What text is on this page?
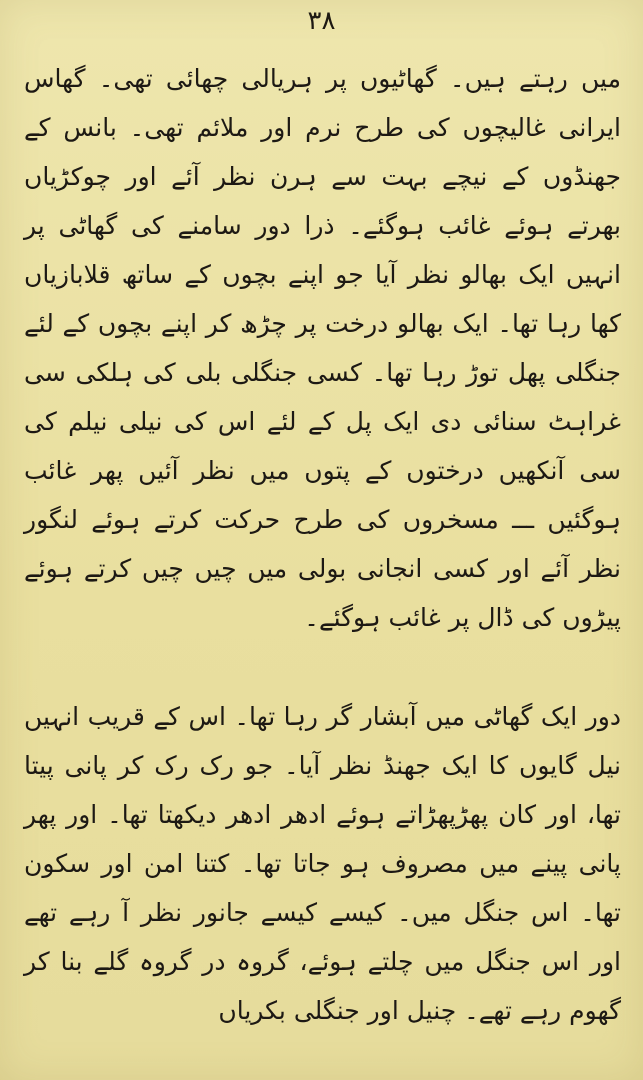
۳۸

میں رہتے ہیں۔ گھاٹیوں پر ہریالی چھائی تھی۔ گھاس ایرانی غالیچوں کی طرح نرم اور ملائم تھی۔ بانس کے جھنڈوں کے نیچے بہت سے ہرن نظر آئے اور چوکڑیاں بھرتے ہوئے غائب ہوگئے۔ ذرا دور سامنے کی گھاٹی پر انہیں ایک بھالو نظر آیا جو اپنے بچوں کے ساتھ قلابازیاں کھا رہا تھا۔ ایک بھالو درخت پر چڑھ کر اپنے بچوں کے لئے جنگلی پھل توڑ رہا تھا۔ کسی جنگلی بلی کی ہلکی سی غراہٹ سنائی دی ایک پل کے لئے اس کی نیلی نیلم کی سی آنکھیں درختوں کے پتوں میں نظر آئیں پھر غائب ہوگئیں ـــ مسخروں کی طرح حرکت کرتے ہوئے لنگور نظر آئے اور کسی انجانی بولی میں چیں چیں کرتے ہوئے پیڑوں کی ڈال پر غائب ہوگئے۔

دور ایک گھاٹی میں آبشار گر رہا تھا۔ اس کے قریب انہیں نیل گایوں کا ایک جھنڈ نظر آیا۔ جو رک رک کر پانی پیتا تھا، اور کان پھڑپھڑاتے ہوئے ادھر ادھر دیکھتا تھا۔ اور پھر پانی پینے میں مصروف ہو جاتا تھا۔ کتنا امن اور سکون تھا۔ اس جنگل میں۔ کیسے کیسے جانور نظر آ رہے تھے اور اس جنگل میں چلتے ہوئے، گروہ در گروہ گلے بنا کر گھوم رہے تھے۔ چنیل اور جنگلی بکریاں
